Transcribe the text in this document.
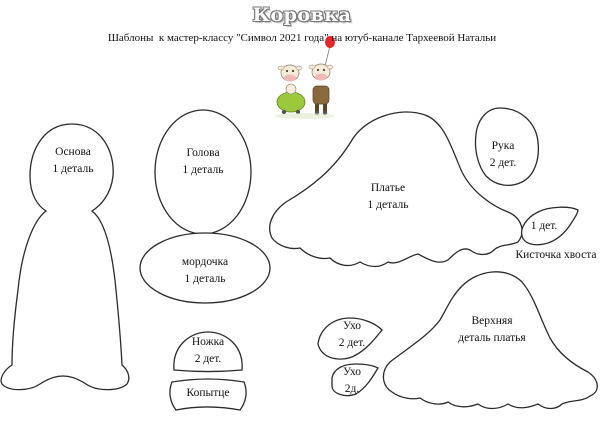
Коровка
Шаблоны  к мастер-классу "Символ 2021 года" на ютуб-канале Тархеевой Натальи
Основа
1 деталь
Голова
1 деталь
мордочка
1 деталь
Платье
1 деталь
Рука
2 дет.
1 дет.
Кисточка хвоста
Верхняя
деталь платья
Ухо
2 дет.
Ухо
2д.
Ножка
2 дет.
Копытце
